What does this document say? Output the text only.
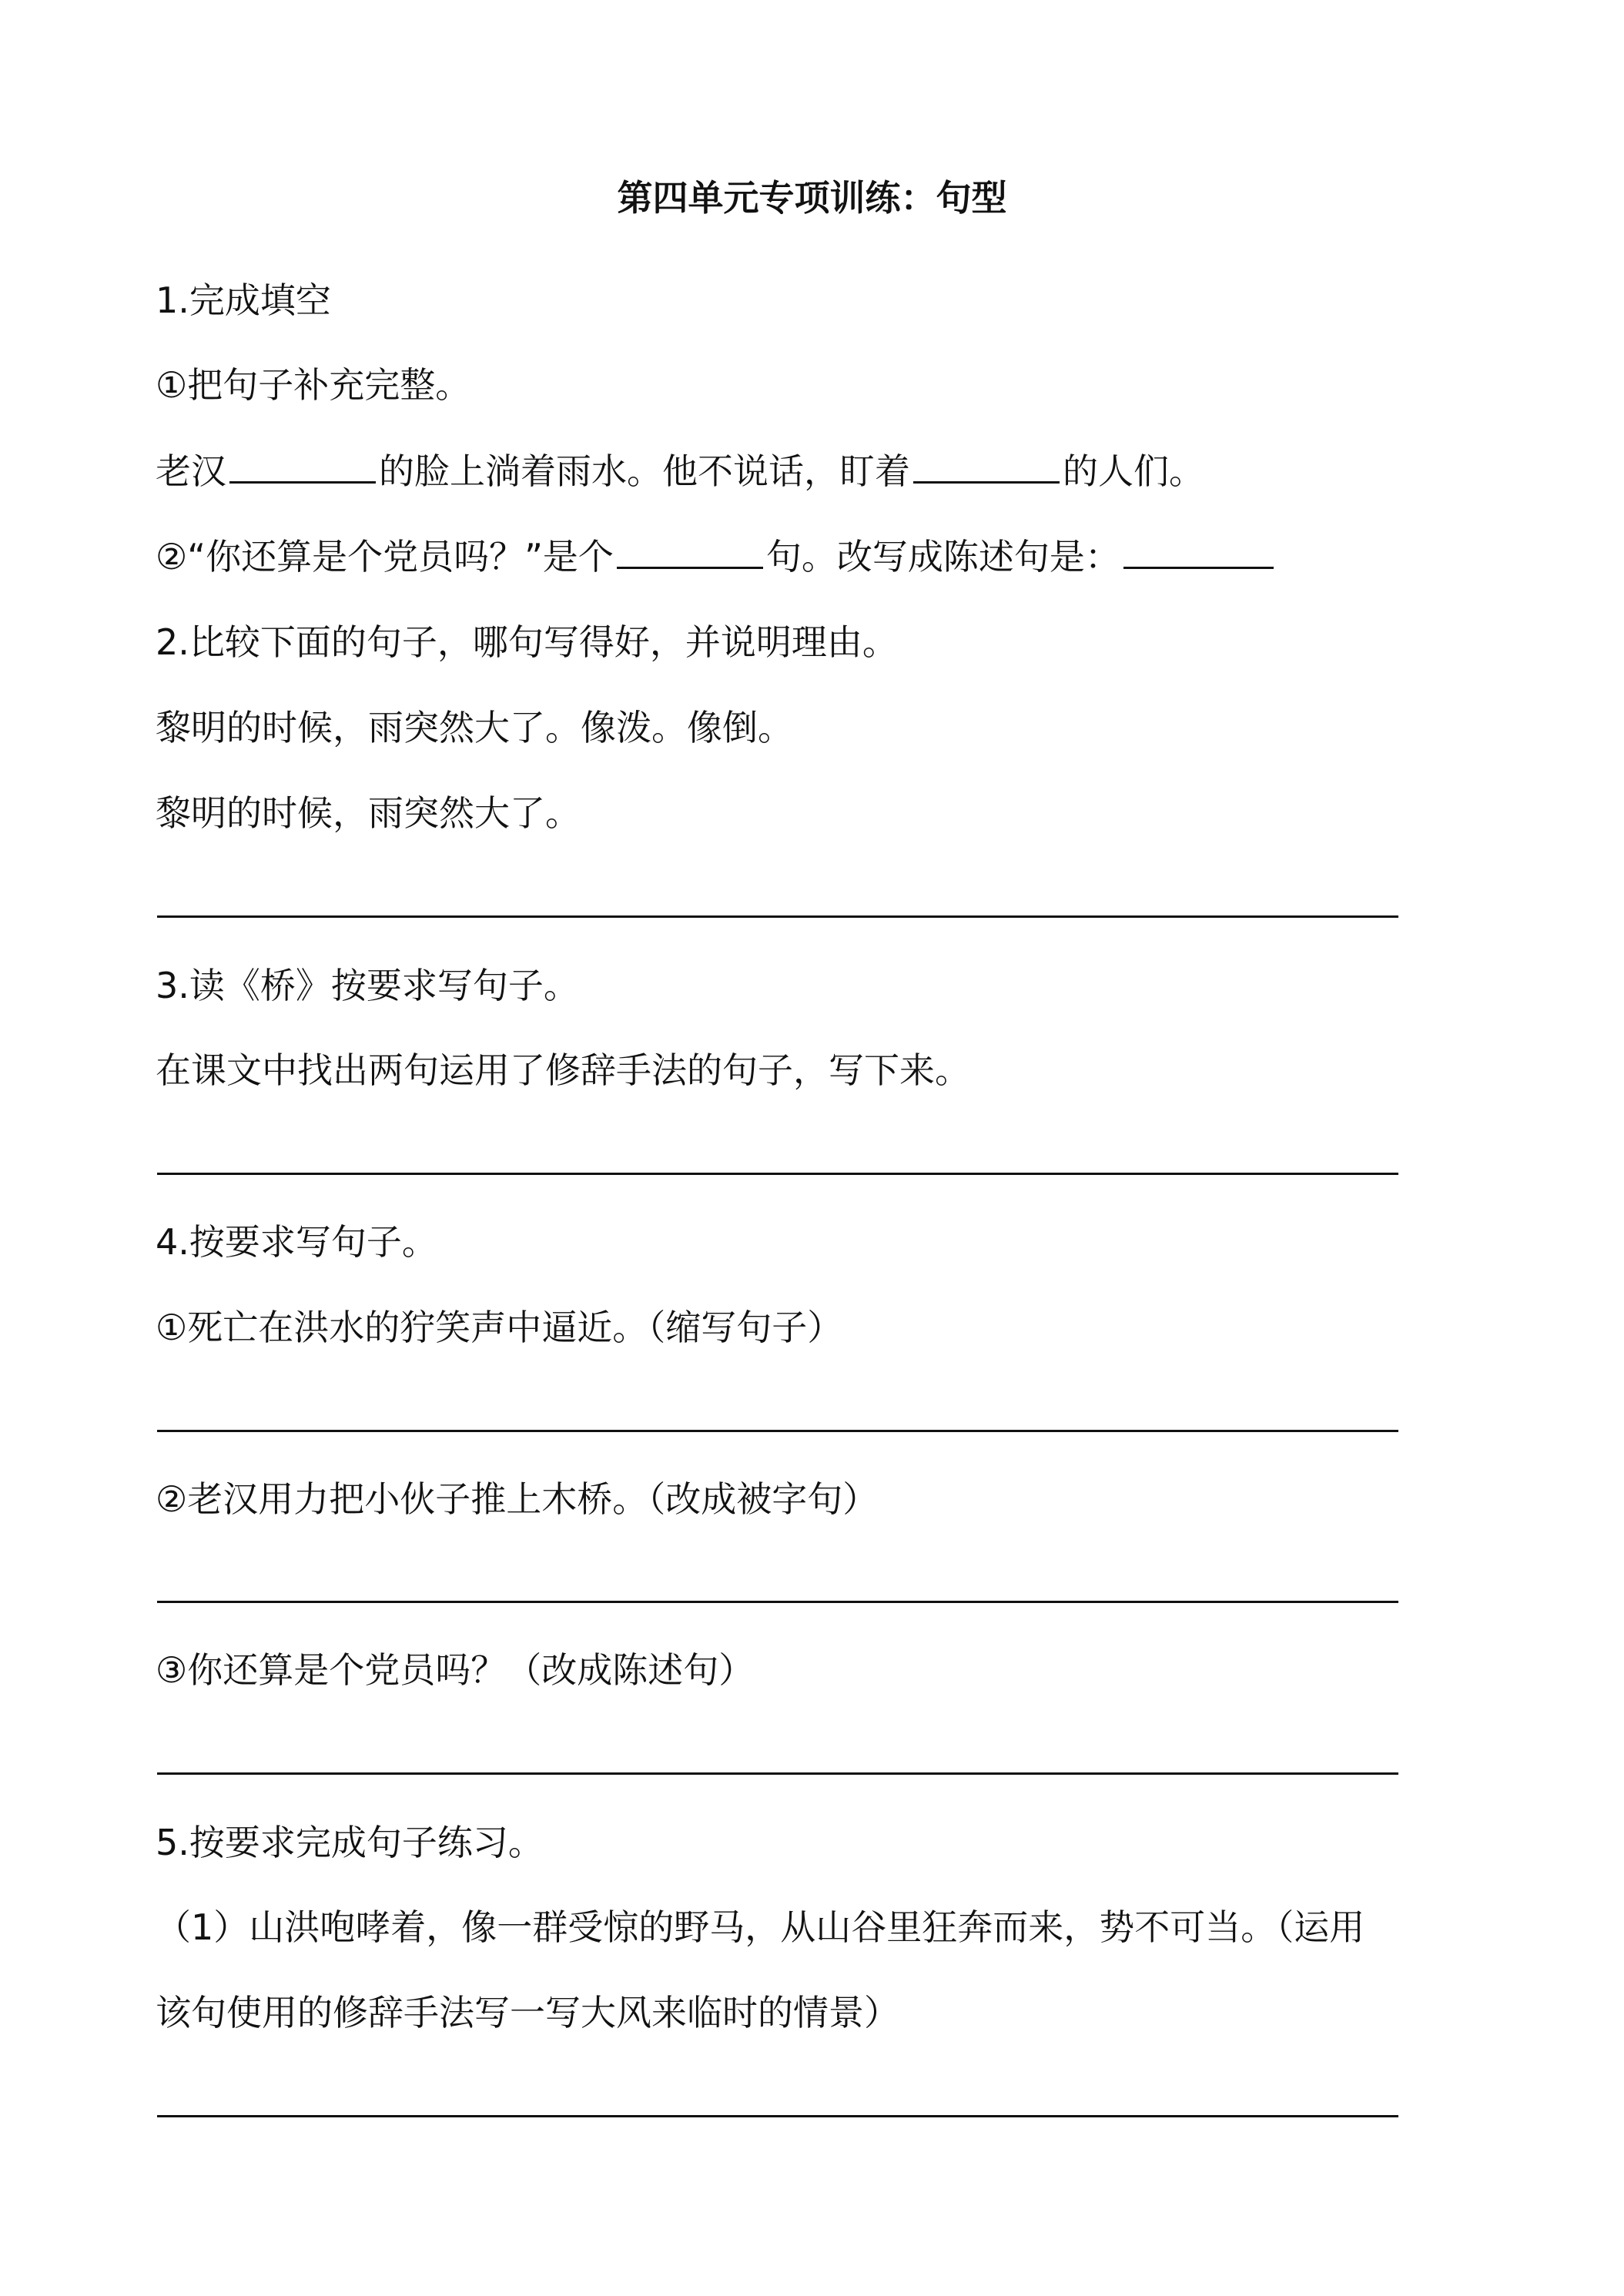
第四单元专项训练：句型
1.完成填空
①把句子补充完整。
老汉	的脸上淌着雨水。他不说话，盯着	的人们。
②“你还算是个党员吗？”是个	句。改写成陈述句是：
2.比较下面的句子，哪句写得好，并说明理由。
黎明的时候，雨突然大了。像泼。像倒。
黎明的时候，雨突然大了。
3.读《桥》按要求写句子。
在课文中找出两句运用了修辞手法的句子，写下来。
4.按要求写句子。
①死亡在洪水的狞笑声中逼近。（缩写句子）
②老汉用力把小伙子推上木桥。（改成被字句）
③你还算是个党员吗？（改成陈述句）
5.按要求完成句子练习。
（1）山洪咆哮着，像一群受惊的野马，从山谷里狂奔而来，势不可当。（运用
该句使用的修辞手法写一写大风来临时的情景）
